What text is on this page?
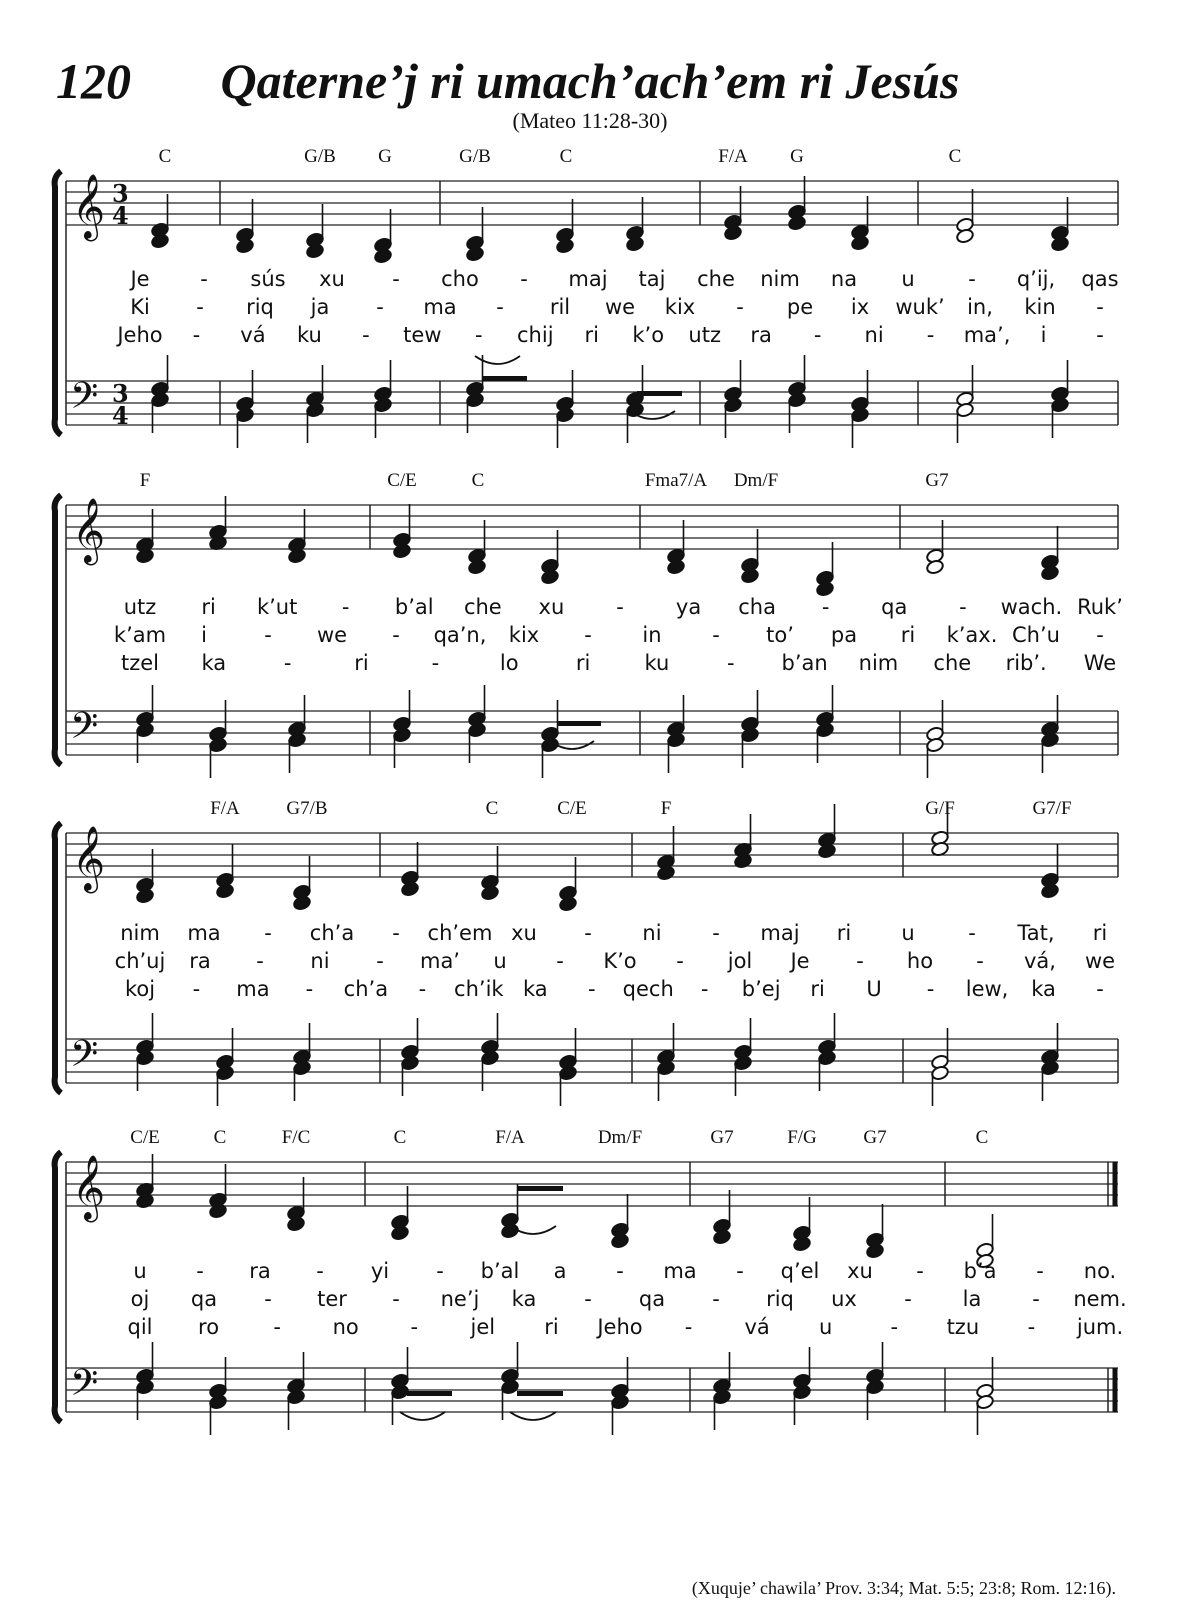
120	Qaterne’j ri umach’ach’em ri Jesús
(Mateo 11:28-30)
𝄞
𝄢
3
4
3
4
C	G/B G	G/B	C	F/A G	C
Je - sús xu - cho - maj taj che nim na u	- q’ij, qas
Ki - riq ja - ma - ril we kix - pe ix wuk’ in, kin -
Jeho - vá ku - tew - chij ri k’o utz ra - ni - ma’, i -
𝄞
𝄢
F	C/E	C	Fma7/A Dm/F	G7
utz ri k’ut - b’al che xu - ya cha - qa - wach. Ruk’
k’am i	- we - qa’n, kix - in - to’ pa ri k’ax. Ch’u -
tzel ka	-	ri	-	lo	ri	ku	- b’an nim che rib’. We
𝄞
𝄢
F/A G7/B	C	C/E	F	G/F	G7/F
nim ma - ch’a - ch’em xu - ni - maj ri u	- Tat, ri
ch’uj ra - ni - ma’ u - K’o - jol Je - ho - vá, we
koj - ma - ch’a - ch’ik ka - qech - b’ej ri U - lew, ka -
𝄞
𝄢
C/E	C	F/C	C	F/A	Dm/F	G7	F/G G7	C
u - ra - yi - b’al a - ma - q’el xu - b’a - no.
oj qa - ter - ne’j ka - qa - riq ux - la - nem.
qil ro	- no - jel ri Jeho - vá u	- tzu - jum.
(Xuquje’ chawila’ Prov. 3:34; Mat. 5:5; 23:8; Rom. 12:16).
